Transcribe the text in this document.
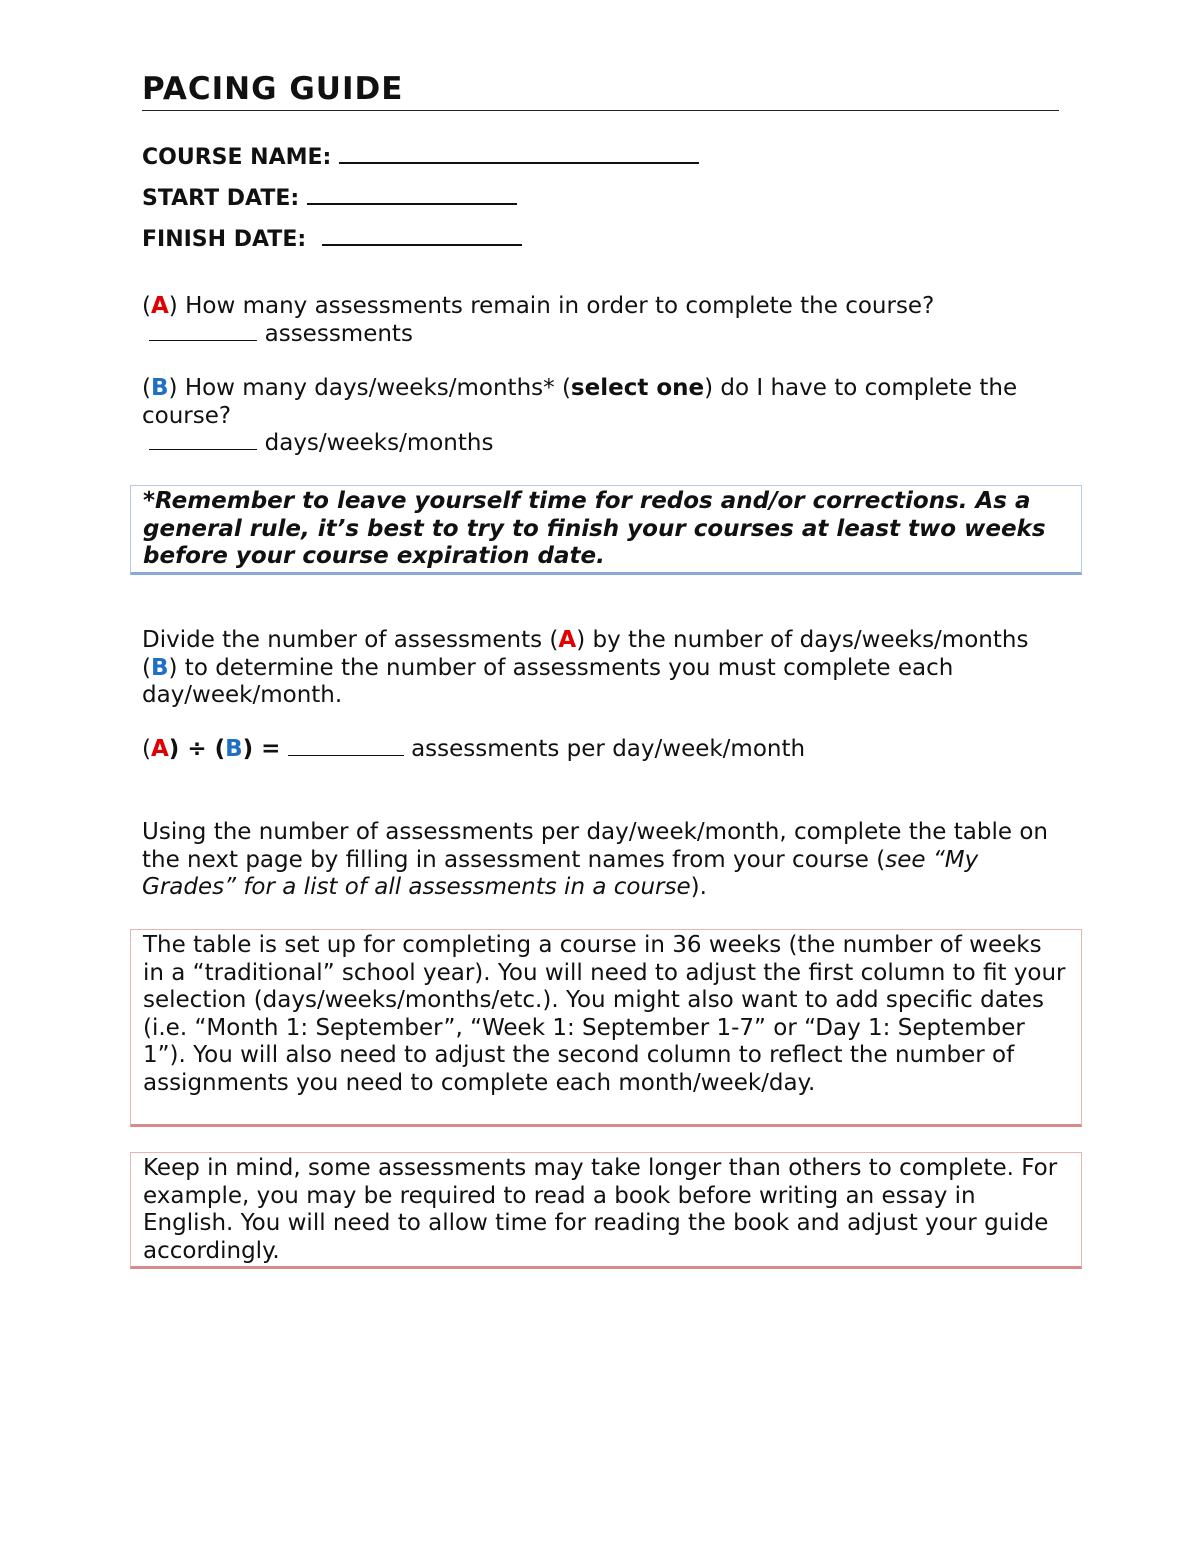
PACING GUIDE
COURSE NAME:
START DATE:
FINISH DATE:
(A) How many assessments remain in order to complete the course?
assessments
(B) How many days/weeks/months* (select one) do I have to complete the course?
days/weeks/months
*Remember to leave yourself time for redos and/or corrections. As a general rule, it’s best to try to finish your courses at least two weeks before your course expiration date.
Divide the number of assessments (A) by the number of days/weeks/months
(B) to determine the number of assessments you must complete each day/week/month.
(A) ÷ (B) =	assessments per day/week/month
Using the number of assessments per day/week/month, complete the table on the next page by filling in assessment names from your course (see “My Grades” for a list of all assessments in a course).
The table is set up for completing a course in 36 weeks (the number of weeks in a “traditional” school year). You will need to adjust the first column to fit your selection (days/weeks/months/etc.). You might also want to add specific dates (i.e. “Month 1: September”, “Week 1: September 1-7” or “Day 1: September 1”). You will also need to adjust the second column to reflect the number of assignments you need to complete each month/week/day.
Keep in mind, some assessments may take longer than others to complete. For example, you may be required to read a book before writing an essay in English. You will need to allow time for reading the book and adjust your guide accordingly.
